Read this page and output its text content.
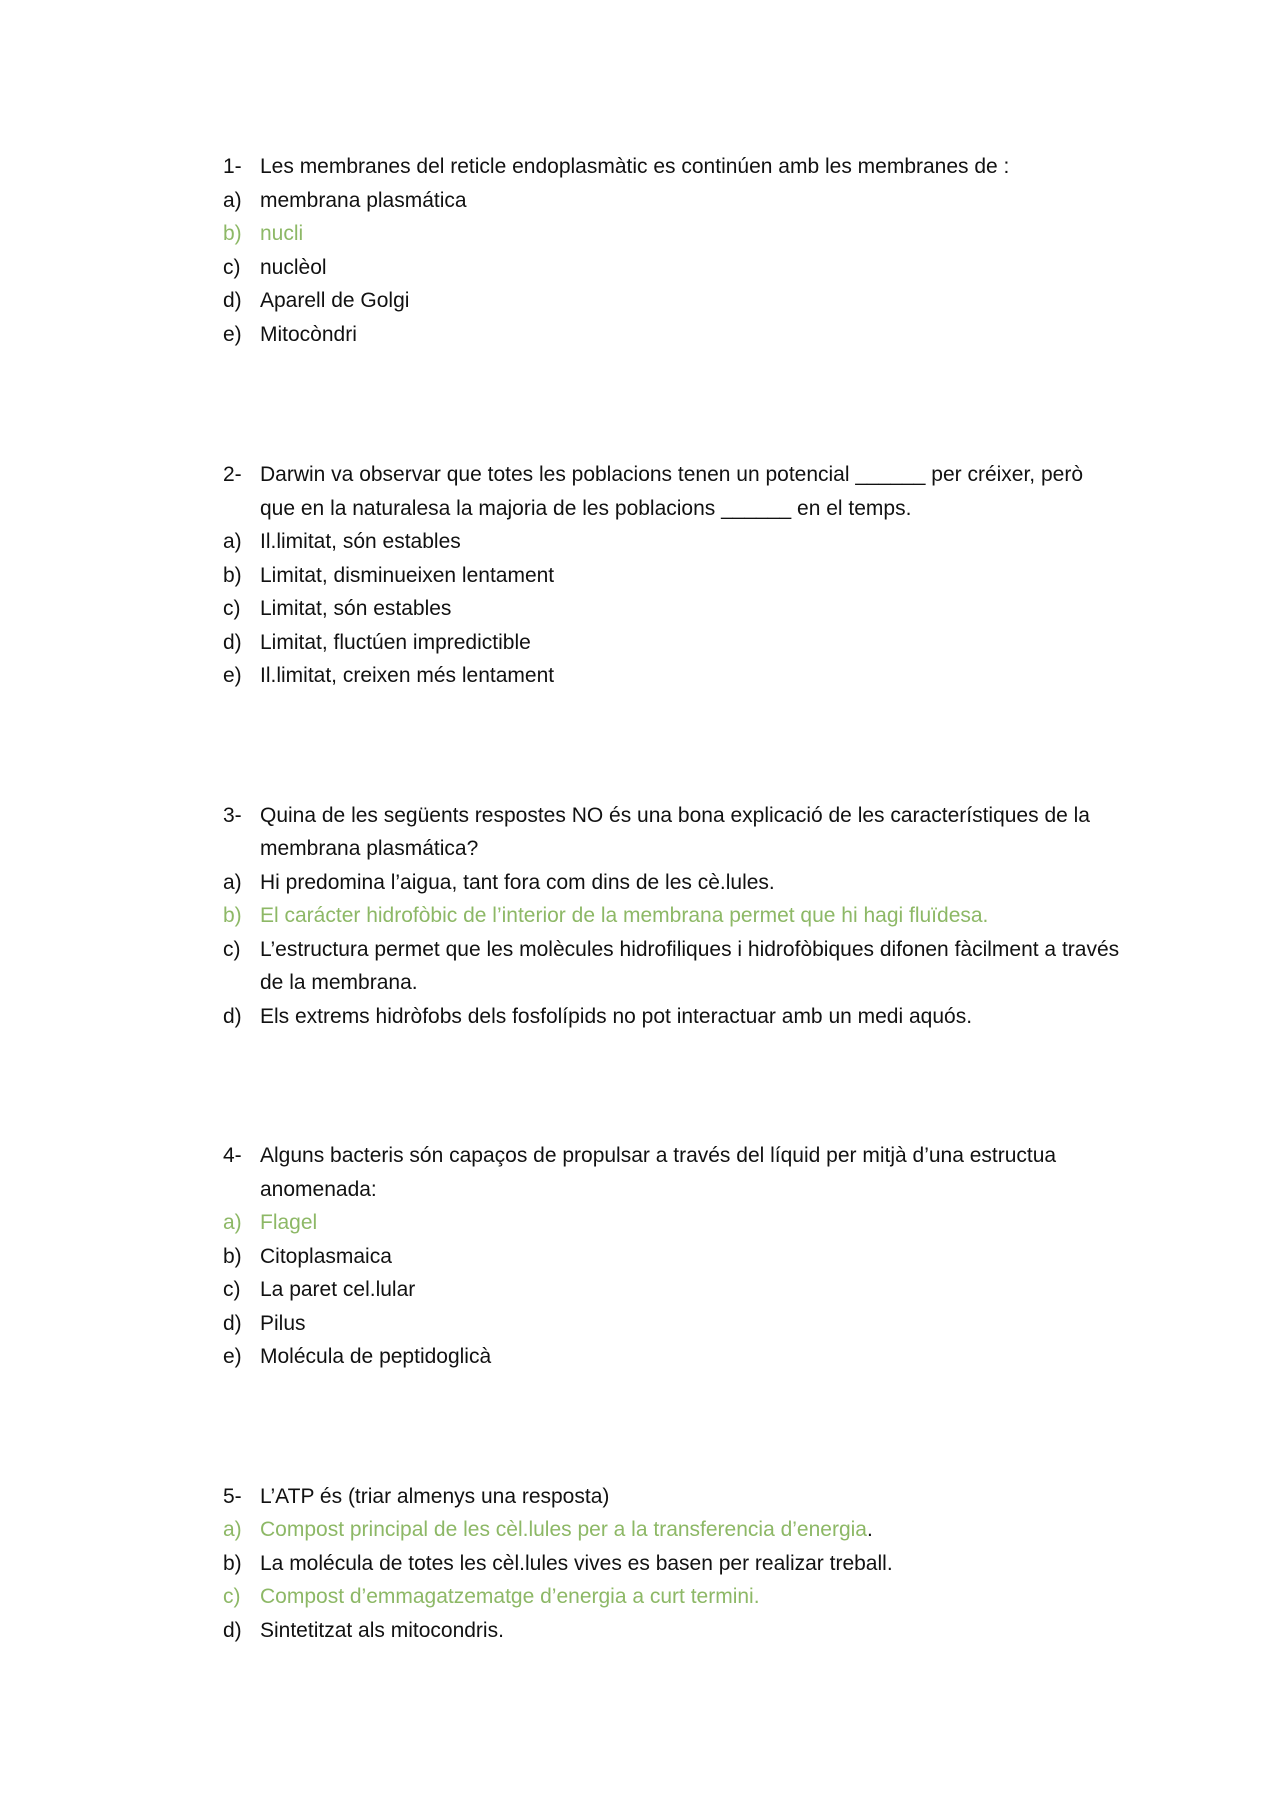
1- Les membranes del reticle endoplasmàtic es continúen amb les membranes de :
a) membrana plasmática
b) nucli
c) nuclèol
d) Aparell de Golgi
e) Mitocòndri
2- Darwin va observar que totes les poblacions tenen un potencial ______ per créixer, però que en la naturalesa la majoria de les poblacions ______ en el temps.
a) Il.limitat, són estables
b) Limitat, disminueixen lentament
c) Limitat, són estables
d) Limitat, fluctúen impredictible
e) Il.limitat, creixen més lentament
3- Quina de les següents respostes NO és una bona explicació de les característiques de la membrana plasmática?
a) Hi predomina l’aigua, tant fora com dins de les cè.lules.
b) El carácter hidrofòbic de l’interior de la membrana permet que hi hagi fluïdesa.
c) L’estructura permet que les molècules hidrofiliques i hidrofòbiques difonen fàcilment a través de la membrana.
d) Els extrems hidròfobs dels fosfolípids no pot interactuar amb un medi aquós.
4- Alguns bacteris són capaços de propulsar a través del líquid per mitjà d’una estructua anomenada:
a) Flagel
b) Citoplasmaica
c) La paret cel.lular
d) Pilus
e) Molécula de peptidoglicà
5- L’ATP és (triar almenys una resposta)
a) Compost principal de les cèl.lules per a la transferencia d’energia.
b) La molécula de totes les cèl.lules vives es basen per realizar treball.
c) Compost d’emmagatzematge d’energia a curt termini.
d) Sintetitzat als mitocondris.
